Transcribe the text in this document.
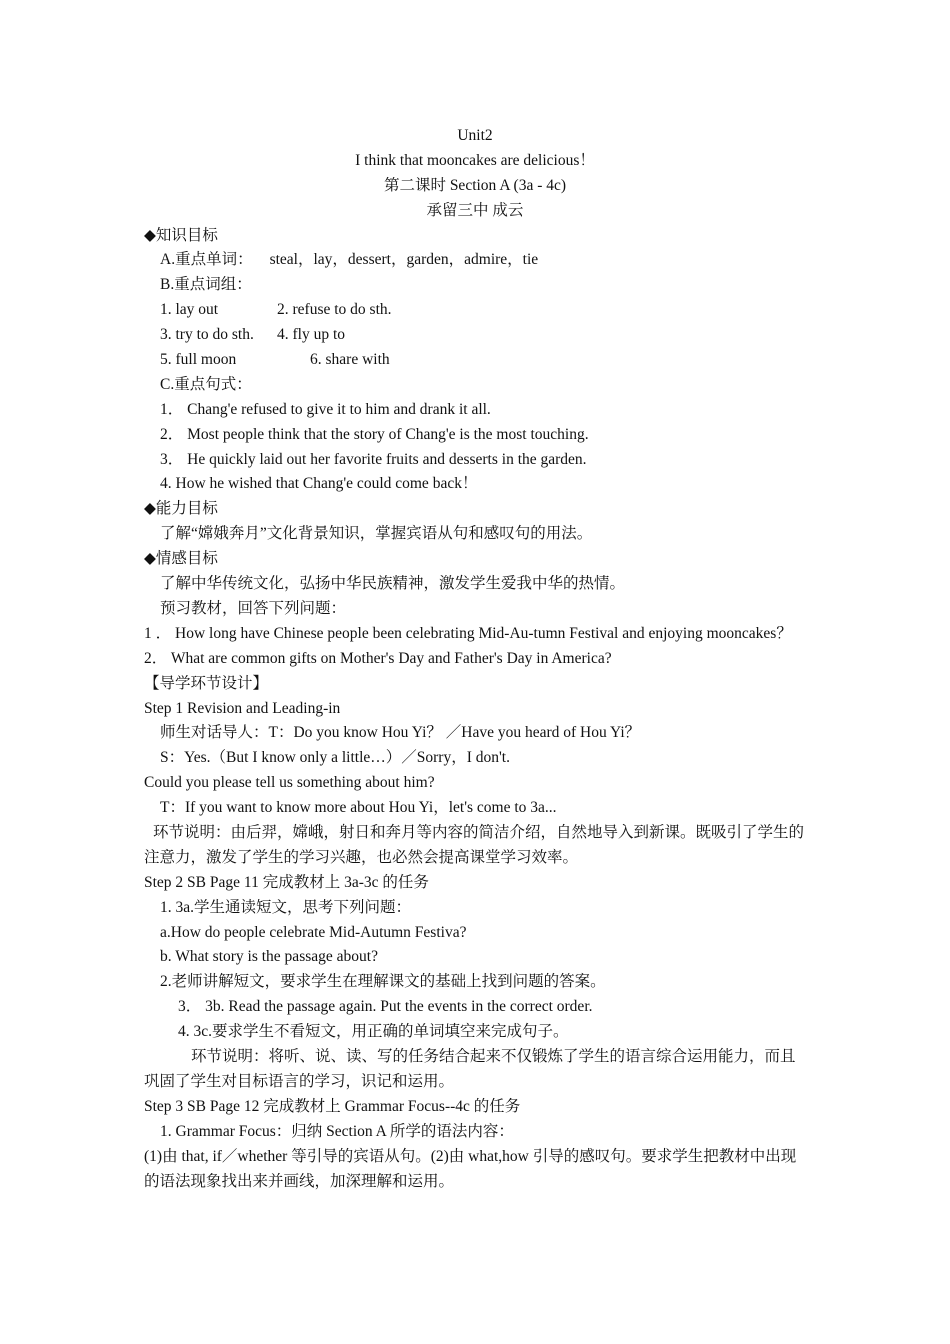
Unit2
I think that mooncakes are delicious！
第二课时 Section A (3a - 4c)
承留三中 成云
◆知识目标
A.重点单词： steal，lay，dessert，garden，admire，tie
B.重点词组：
1. lay out	2. refuse to do sth.
3. try to do sth. 4. fly up to
5. full moon	6. share with
C.重点句式：
1． Chang'e refused to give it to him and drank it all.
2． Most people think that the story of Chang'e is the most touching.
3． He quickly laid out her favorite fruits and desserts in the garden.
4. How he wished that Chang'e could come back！
◆能力目标
了解“嫦娥奔月”文化背景知识，掌握宾语从句和感叹句的用法。
◆情感目标
了解中华传统文化，弘扬中华民族精神，激发学生爱我中华的热情。
预习教材，回答下列问题：
1 ． How long have Chinese people been celebrating Mid-Au-tumn Festival and enjoying mooncakes？
2． What are common gifts on Mother's Day and Father's Day in America?
【导学环节设计】
Step 1 Revision and Leading-in
师生对话导人：T：Do you know Hou Yi？ ／Have you heard of Hou Yi？
S：Yes.（But I know only a little…）／Sorry，I don't.
Could you please tell us something about him?
T：If you want to know more about Hou Yi，let's come to 3a...
环节说明：由后羿，嫦峨，射日和奔月等内容的简洁介绍，自然地导入到新课。既吸引了学生的注意力，激发了学生的学习兴趣，也必然会提高课堂学习效率。
Step 2 SB Page 11 完成教材上 3a-3c 的任务
1. 3a.学生通读短文，思考下列问题：
a.How do people celebrate Mid-Autumn Festiva?
b. What story is the passage about?
2.老师讲解短文，要求学生在理解课文的基础上找到问题的答案。
3． 3b. Read the passage again. Put the events in the correct order.
4. 3c.要求学生不看短文，用正确的单词填空来完成句子。
环节说明：将听、说、读、写的任务结合起来不仅锻炼了学生的语言综合运用能力，而且巩固了学生对目标语言的学习，识记和运用。
Step 3 SB Page 12 完成教材上 Grammar Focus--4c 的任务
1. Grammar Focus：归纳 Section A 所学的语法内容：
(1)由 that, if／whether 等引导的宾语从句。(2)由 what,how 引导的感叹句。要求学生把教材中出现的语法现象找出来并画线，加深理解和运用。
